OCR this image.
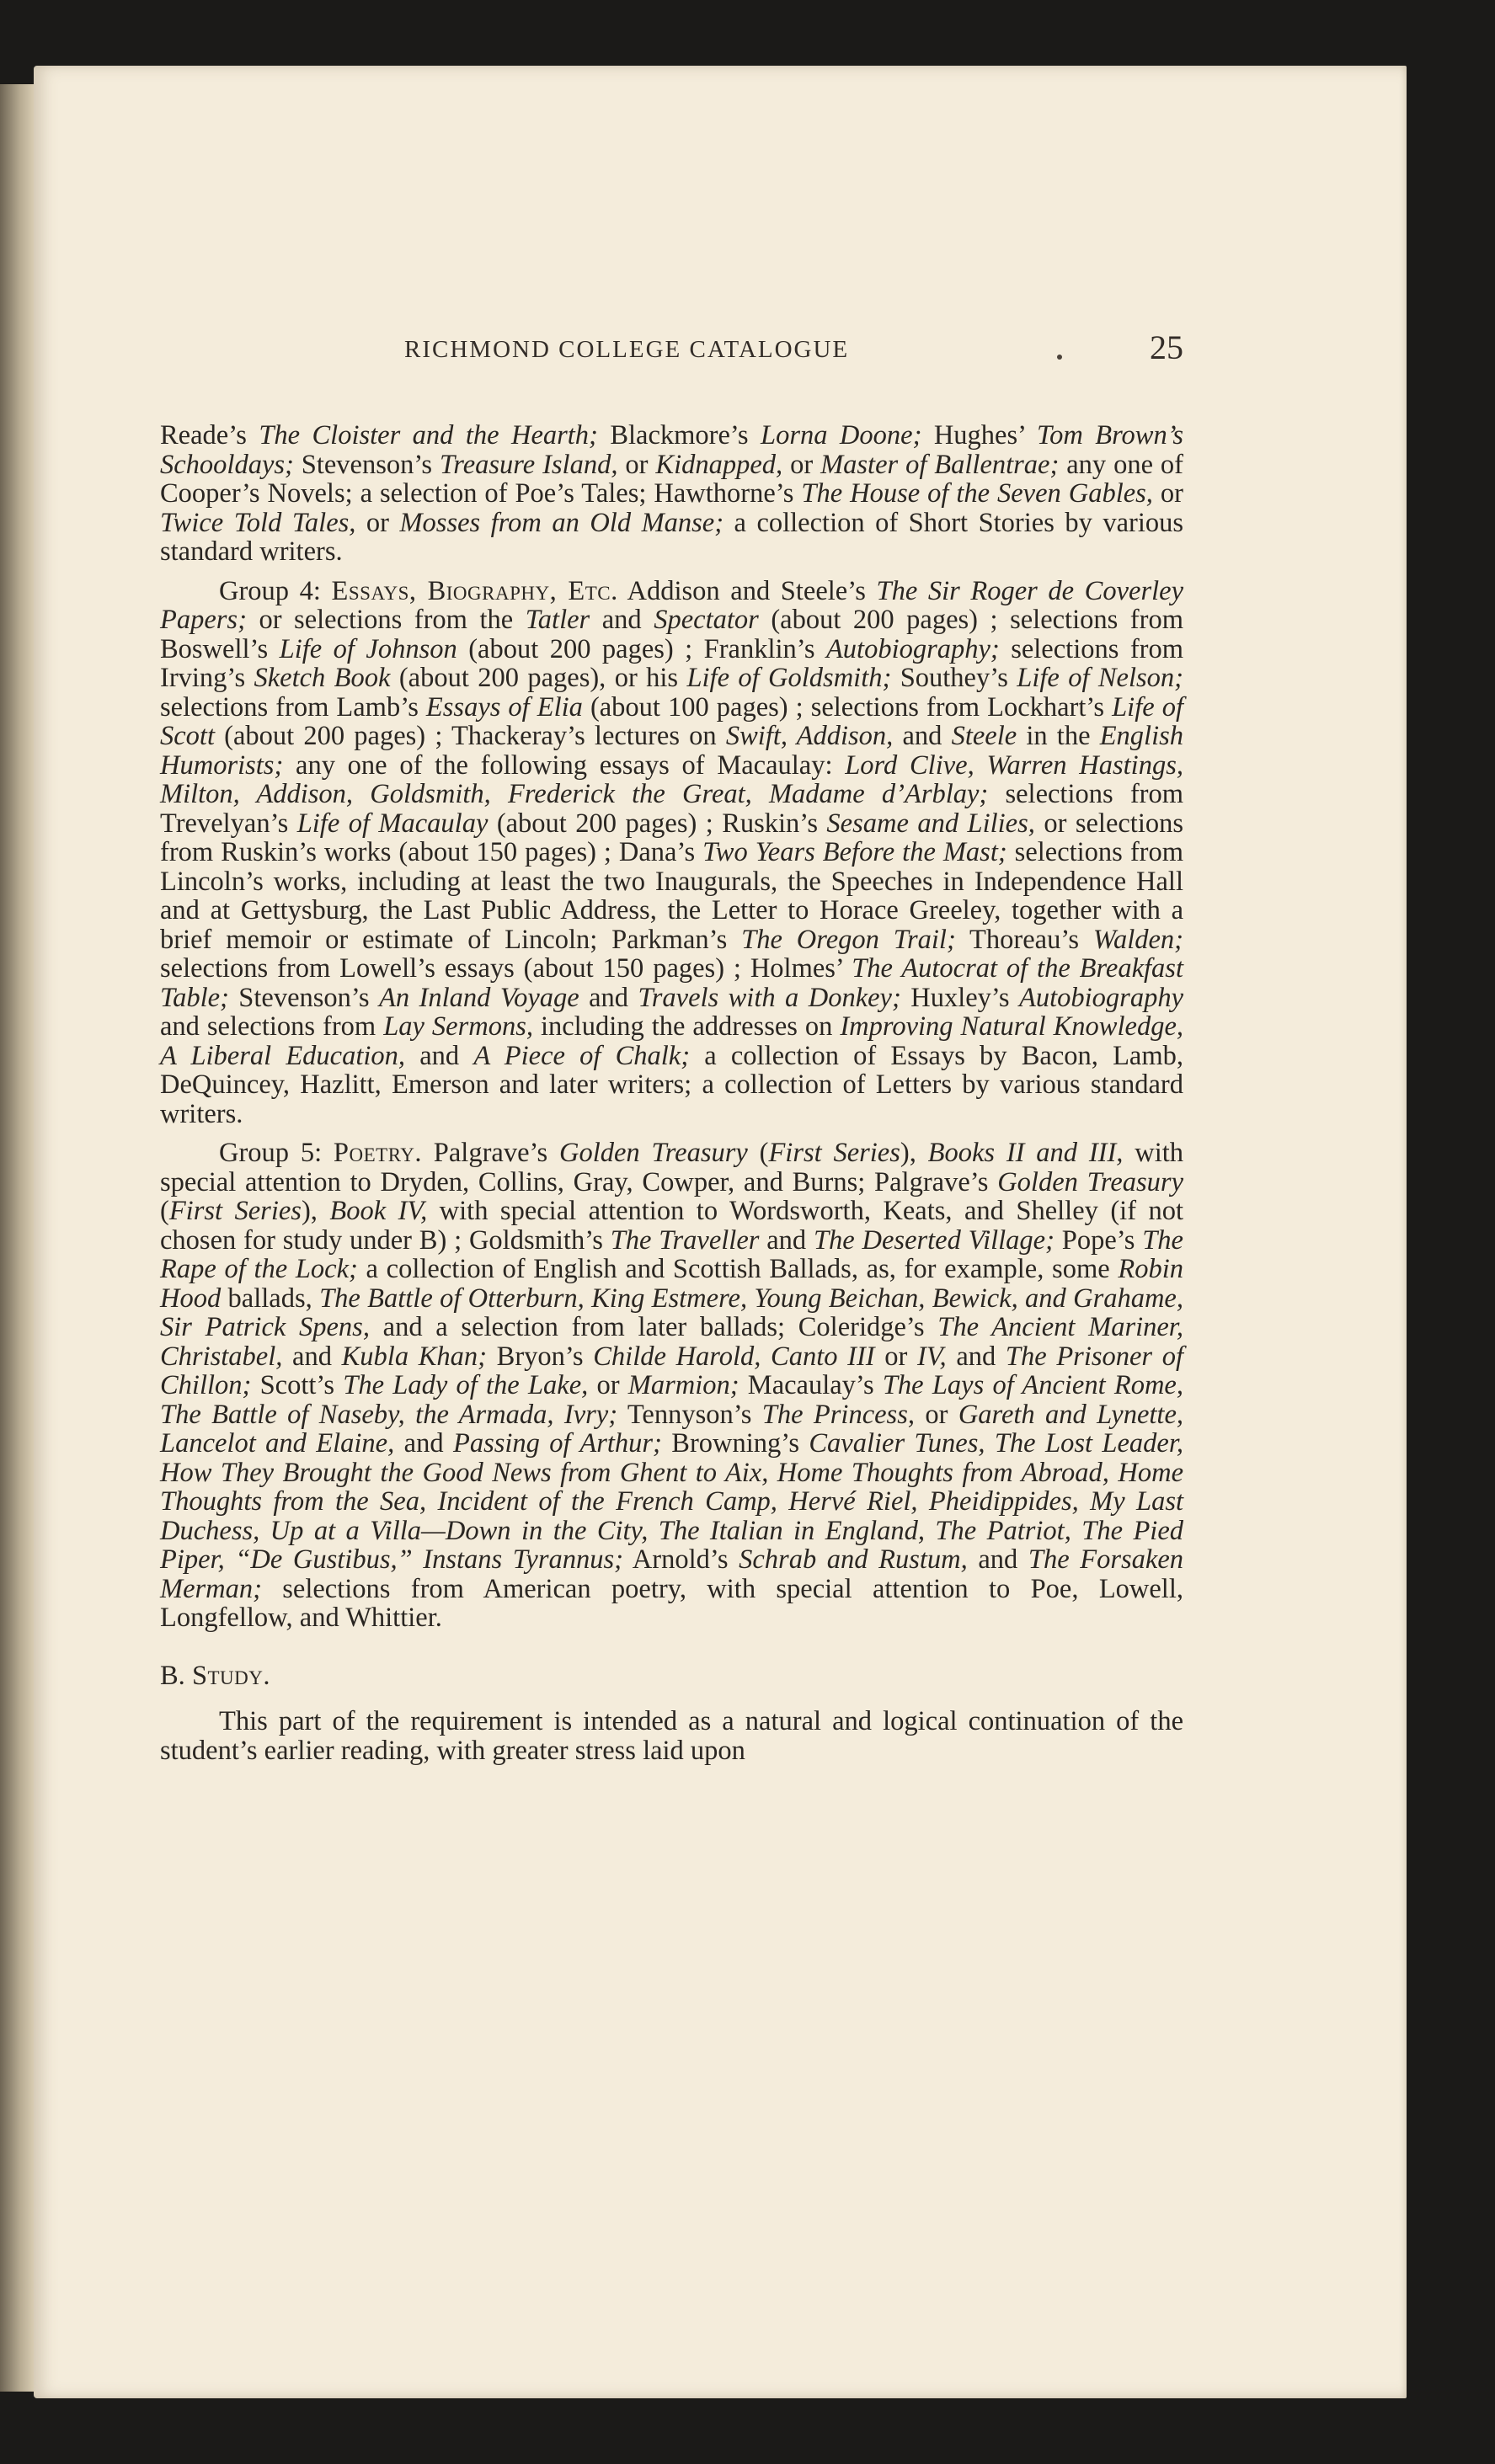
RICHMOND COLLEGE CATALOGUE	25

Reade’s The Cloister and the Hearth; Blackmore’s Lorna Doone; Hughes’ Tom Brown’s Schooldays; Stevenson’s Treasure Island, or Kidnapped, or Master of Ballentrae; any one of Cooper’s Novels; a selection of Poe’s Tales; Hawthorne’s The House of the Seven Gables, or Twice Told Tales, or Mosses from an Old Manse; a collection of Short Stories by various standard writers.

Group 4: Essays, Biography, Etc. Addison and Steele’s The Sir Roger de Coverley Papers; or selections from the Tatler and Spectator (about 200 pages) ; selections from Boswell’s Life of Johnson (about 200 pages) ; Franklin’s Autobiography; selections from Irving’s Sketch Book (about 200 pages), or his Life of Goldsmith; Southey’s Life of Nelson; selections from Lamb’s Essays of Elia (about 100 pages) ; selections from Lockhart’s Life of Scott (about 200 pages) ; Thackeray’s lectures on Swift, Addison, and Steele in the English Humorists; any one of the following essays of Macaulay: Lord Clive, Warren Hastings, Milton, Addison, Goldsmith, Frederick the Great, Madame d’Arblay; selections from Trevelyan’s Life of Macaulay (about 200 pages) ; Ruskin’s Sesame and Lilies, or selections from Ruskin’s works (about 150 pages) ; Dana’s Two Years Before the Mast; selections from Lincoln’s works, including at least the two Inaugurals, the Speeches in Independence Hall and at Gettysburg, the Last Public Address, the Letter to Horace Greeley, together with a brief memoir or estimate of Lincoln; Parkman’s The Oregon Trail; Thoreau’s Walden; selections from Lowell’s essays (about 150 pages) ; Holmes’ The Autocrat of the Breakfast Table; Stevenson’s An Inland Voyage and Travels with a Donkey; Huxley’s Autobiography and selections from Lay Sermons, including the addresses on Improving Natural Knowledge, A Liberal Education, and A Piece of Chalk; a collection of Essays by Bacon, Lamb, DeQuincey, Hazlitt, Emerson and later writers; a collection of Letters by various standard writers.

Group 5: Poetry. Palgrave’s Golden Treasury (First Series), Books II and III, with special attention to Dryden, Collins, Gray, Cowper, and Burns; Palgrave’s Golden Treasury (First Series), Book IV, with special attention to Wordsworth, Keats, and Shelley (if not chosen for study under B) ; Goldsmith’s The Traveller and The Deserted Village; Pope’s The Rape of the Lock; a collection of English and Scottish Ballads, as, for example, some Robin Hood ballads, The Battle of Otterburn, King Estmere, Young Beichan, Bewick, and Grahame, Sir Patrick Spens, and a selection from later ballads; Coleridge’s The Ancient Mariner, Christabel, and Kubla Khan; Bryon’s Childe Harold, Canto III or IV, and The Prisoner of Chillon; Scott’s The Lady of the Lake, or Marmion; Macaulay’s The Lays of Ancient Rome, The Battle of Naseby, the Armada, Ivry; Tennyson’s The Princess, or Gareth and Lynette, Lancelot and Elaine, and Passing of Arthur; Browning’s Cavalier Tunes, The Lost Leader, How They Brought the Good News from Ghent to Aix, Home Thoughts from Abroad, Home Thoughts from the Sea, Incident of the French Camp, Hervé Riel, Pheidippides, My Last Duchess, Up at a Villa—Down in the City, The Italian in England, The Patriot, The Pied Piper, “De Gustibus,” Instans Tyrannus; Arnold’s Schrab and Rustum, and The Forsaken Merman; selections from American poetry, with special attention to Poe, Lowell, Longfellow, and Whittier.

B. Study.

This part of the requirement is intended as a natural and logical continuation of the student’s earlier reading, with greater stress laid upon
